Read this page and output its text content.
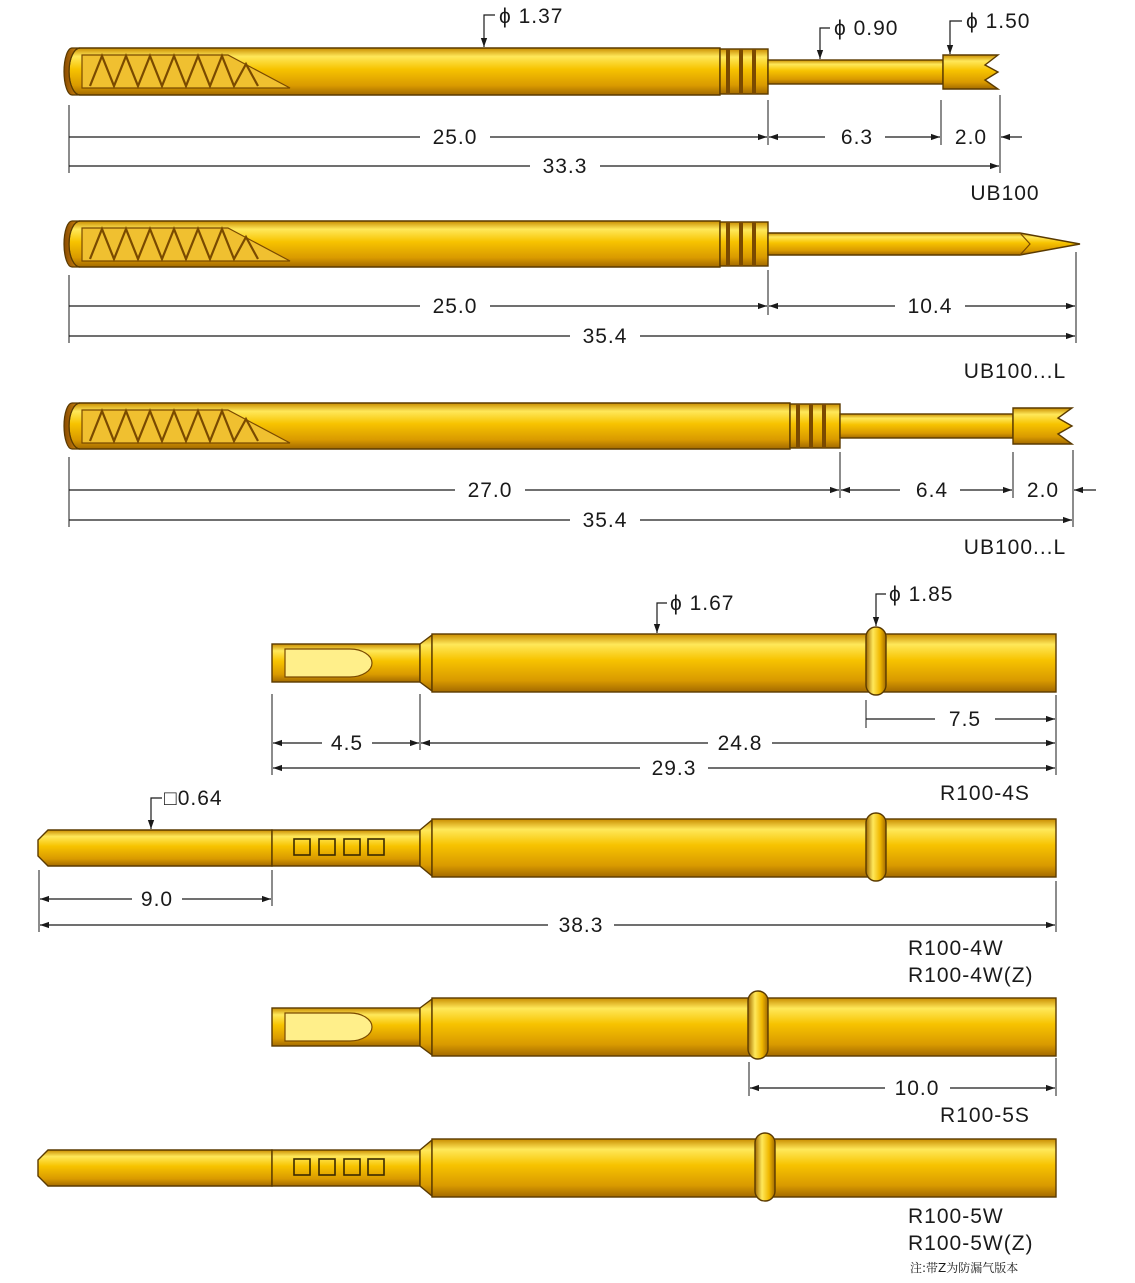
25.0	6.3	2.0
33.3
UB100
ϕ 1.37
ϕ 0.90	ϕ 1.50
25.0	10.4
35.4
UB100...L
27.0	6.4	2.0
35.4
UB100...L
7.5
4.5	24.8
29.3
R100-4S
ϕ 1.67	ϕ 1.85
□0.64
9.0
38.3
R100-4W
R100-4W(Z)
10.0
R100-5S
R100-5W
R100-5W(Z)
注:带Z为防漏气版本
